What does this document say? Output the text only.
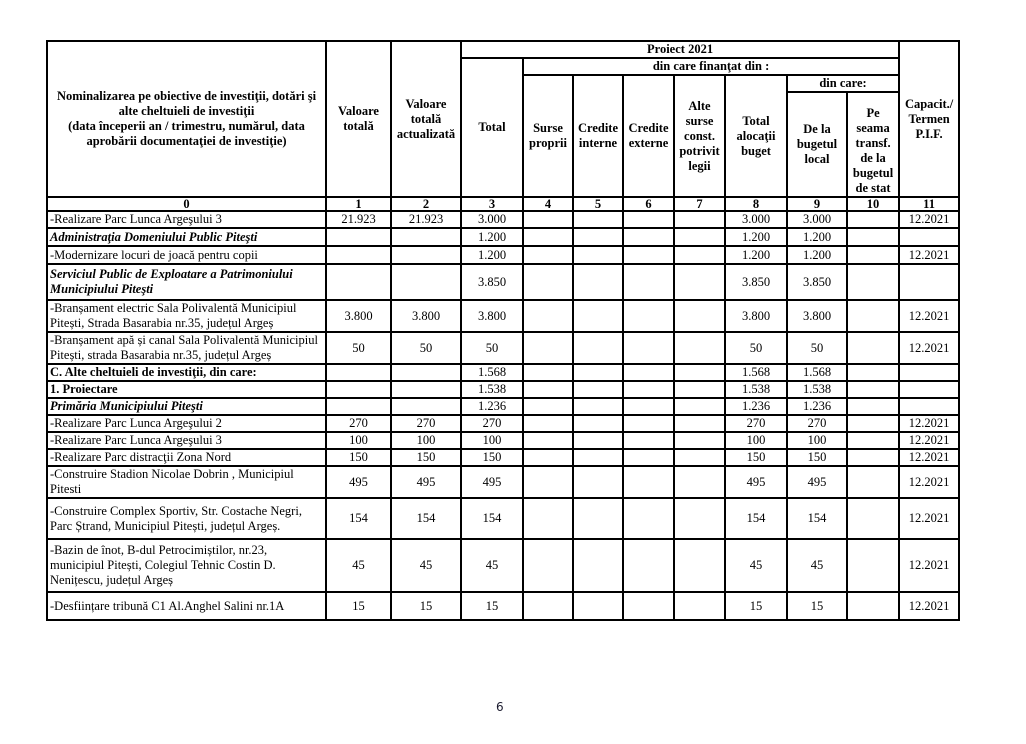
Nominalizarea pe obiective de investiţii, dotări şi
alte cheltuieli de investiţii
(data începerii an / trimestru, numărul, data
aprobării documentaţiei de investiţie)	Valoare totală	Valoare totală actualizată	Proiect 2021								Capacit./ Termen P.I.F.
			Total	din care finanţat din :							
				Surse proprii	Credite interne	Credite externe	Alte surse const. potrivit legii	Total alocaţii buget	din care:		
									De la bugetul local	Pe seama transf. de la bugetul de stat	
0	1	2	3	4	5	6	7	8	9	10	11
-Realizare Parc Lunca Argeşului 3	21.923	21.923	3.000					3.000	3.000		12.2021
Administraţia Domeniului Public Piteşti			1.200					1.200	1.200		
-Modernizare locuri de joacă pentru copii			1.200					1.200	1.200		12.2021
Serviciul Public de Exploatare a Patrimoniului Municipiului Piteşti			3.850					3.850	3.850		
-Branșament electric Sala Polivalentă Municipiul Pitești, Strada Basarabia nr.35, județul Argeș	3.800	3.800	3.800					3.800	3.800		12.2021
-Branșament apă și canal Sala Polivalentă Municipiul Pitești, strada Basarabia nr.35, județul Argeș	50	50	50					50	50		12.2021
C. Alte cheltuieli de investiţii, din care:			1.568					1.568	1.568		
1. Proiectare			1.538					1.538	1.538		
Primăria Municipiului Piteşti			1.236					1.236	1.236		
-Realizare Parc Lunca Argeşului 2	270	270	270					270	270		12.2021
-Realizare Parc Lunca Argeşului 3	100	100	100					100	100		12.2021
-Realizare Parc distracţii Zona Nord	150	150	150					150	150		12.2021
-Construire Stadion Nicolae Dobrin , Municipiul Pitesti	495	495	495					495	495		12.2021
-Construire Complex Sportiv, Str. Costache Negri, Parc Ștrand, Municipiul Pitești, județul Argeș.	154	154	154					154	154		12.2021
-Bazin de înot, B-dul Petrocimiștilor, nr.23, municipiul Pitești, Colegiul Tehnic Costin D. Nenițescu, județul Argeș	45	45	45					45	45		12.2021
-Desființare tribună C1 Al.Anghel Salini nr.1A	15	15	15					15	15		12.2021
6
